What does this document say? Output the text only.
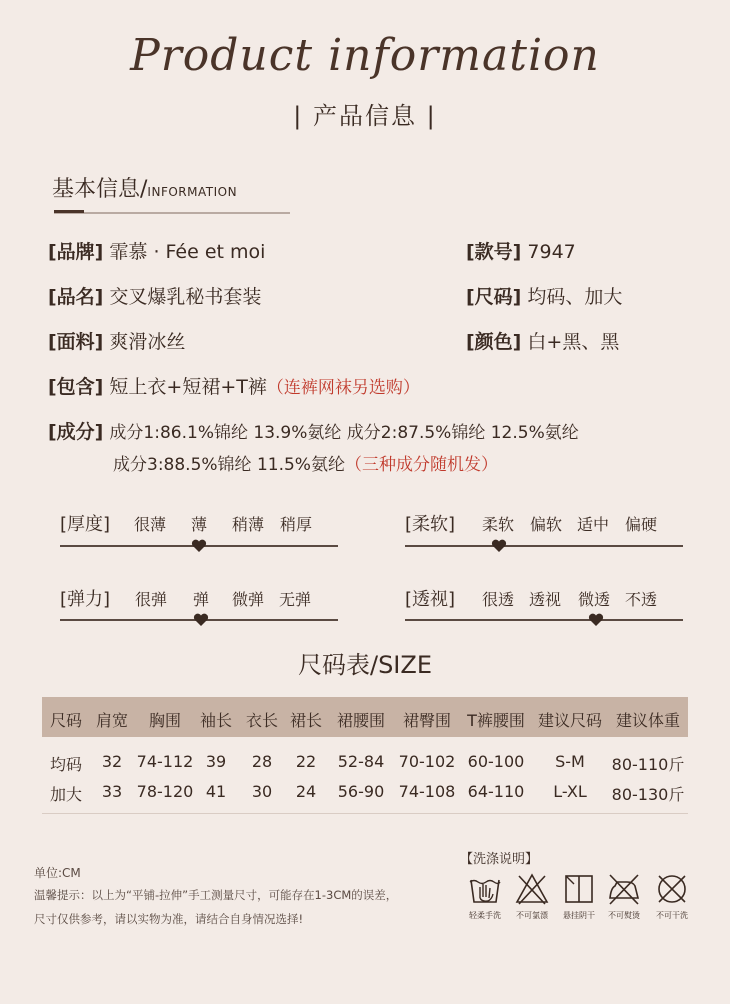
Product information
| 产品信息 |
基本信息/INFORMATION
[品牌] 霏慕 · Fée et moi	[款号] 7947
[品名] 交叉爆乳秘书套装	[尺码] 均码、加大
[面料] 爽滑冰丝	[颜色] 白+黑、黑
[包含] 短上衣+短裙+T裤（连裤网袜另选购）
[成分] 成分1:86.1%锦纶 13.9%氨纶 成分2:87.5%锦纶 12.5%氨纶
成分3:88.5%锦纶 11.5%氨纶（三种成分随机发）
[厚度] 很薄 薄 稍薄 稍厚	[柔软] 柔软 偏软 适中 偏硬
[弹力] 很弹 弹 微弹 无弹	[透视] 很透 透视 微透 不透
尺码表/SIZE
尺码 肩宽	胸围	袖长 衣长 裙长 裙腰围	裙臀围	T裤腰围 建议尺码 建议体重
均码	32 74-112 39	28	22	52-84 70-102 60-100	S-M	80-110斤
加大	33 78-120 41	30	24	56-90 74-108 64-110	L-XL	80-130斤
单位:CM
温馨提示：以上为“平铺-拉伸”手工测量尺寸，可能存在1-3CM的误差，
尺寸仅供参考，请以实物为准，请结合自身情况选择!
【洗涤说明】
轻柔手洗	不可氯漂	悬挂阴干	不可熨烫	不可干洗
